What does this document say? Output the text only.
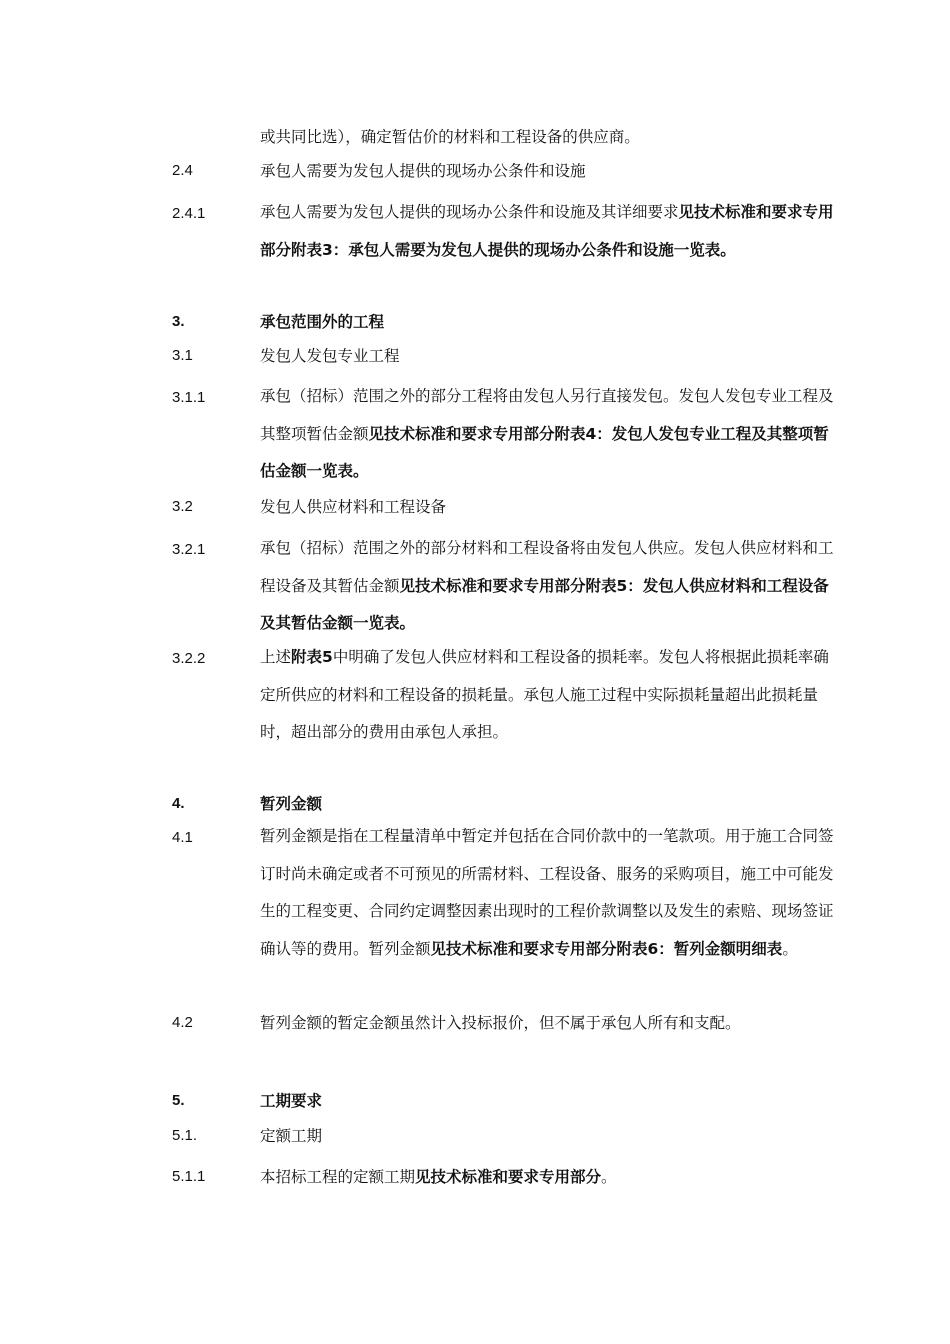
或共同比选），确定暂估价的材料和工程设备的供应商。
2.4	承包人需要为发包人提供的现场办公条件和设施
2.4.1	承包人需要为发包人提供的现场办公条件和设施及其详细要求见技术标准和要求专用部分附表3：承包人需要为发包人提供的现场办公条件和设施一览表。
3.	承包范围外的工程
3.1	发包人发包专业工程
3.1.1	承包（招标）范围之外的部分工程将由发包人另行直接发包。发包人发包专业工程及其整项暂估金额见技术标准和要求专用部分附表4：发包人发包专业工程及其整项暂估金额一览表。
3.2	发包人供应材料和工程设备
3.2.1	承包（招标）范围之外的部分材料和工程设备将由发包人供应。发包人供应材料和工程设备及其暂估金额见技术标准和要求专用部分附表5：发包人供应材料和工程设备及其暂估金额一览表。
3.2.2	上述附表5中明确了发包人供应材料和工程设备的损耗率。发包人将根据此损耗率确定所供应的材料和工程设备的损耗量。承包人施工过程中实际损耗量超出此损耗量时，超出部分的费用由承包人承担。
4.	暂列金额
4.1	暂列金额是指在工程量清单中暂定并包括在合同价款中的一笔款项。用于施工合同签订时尚未确定或者不可预见的所需材料、工程设备、服务的采购项目，施工中可能发生的工程变更、合同约定调整因素出现时的工程价款调整以及发生的索赔、现场签证确认等的费用。暂列金额见技术标准和要求专用部分附表6：暂列金额明细表。
4.2	暂列金额的暂定金额虽然计入投标报价，但不属于承包人所有和支配。
5.	工期要求
5.1.	定额工期
5.1.1	本招标工程的定额工期见技术标准和要求专用部分。
